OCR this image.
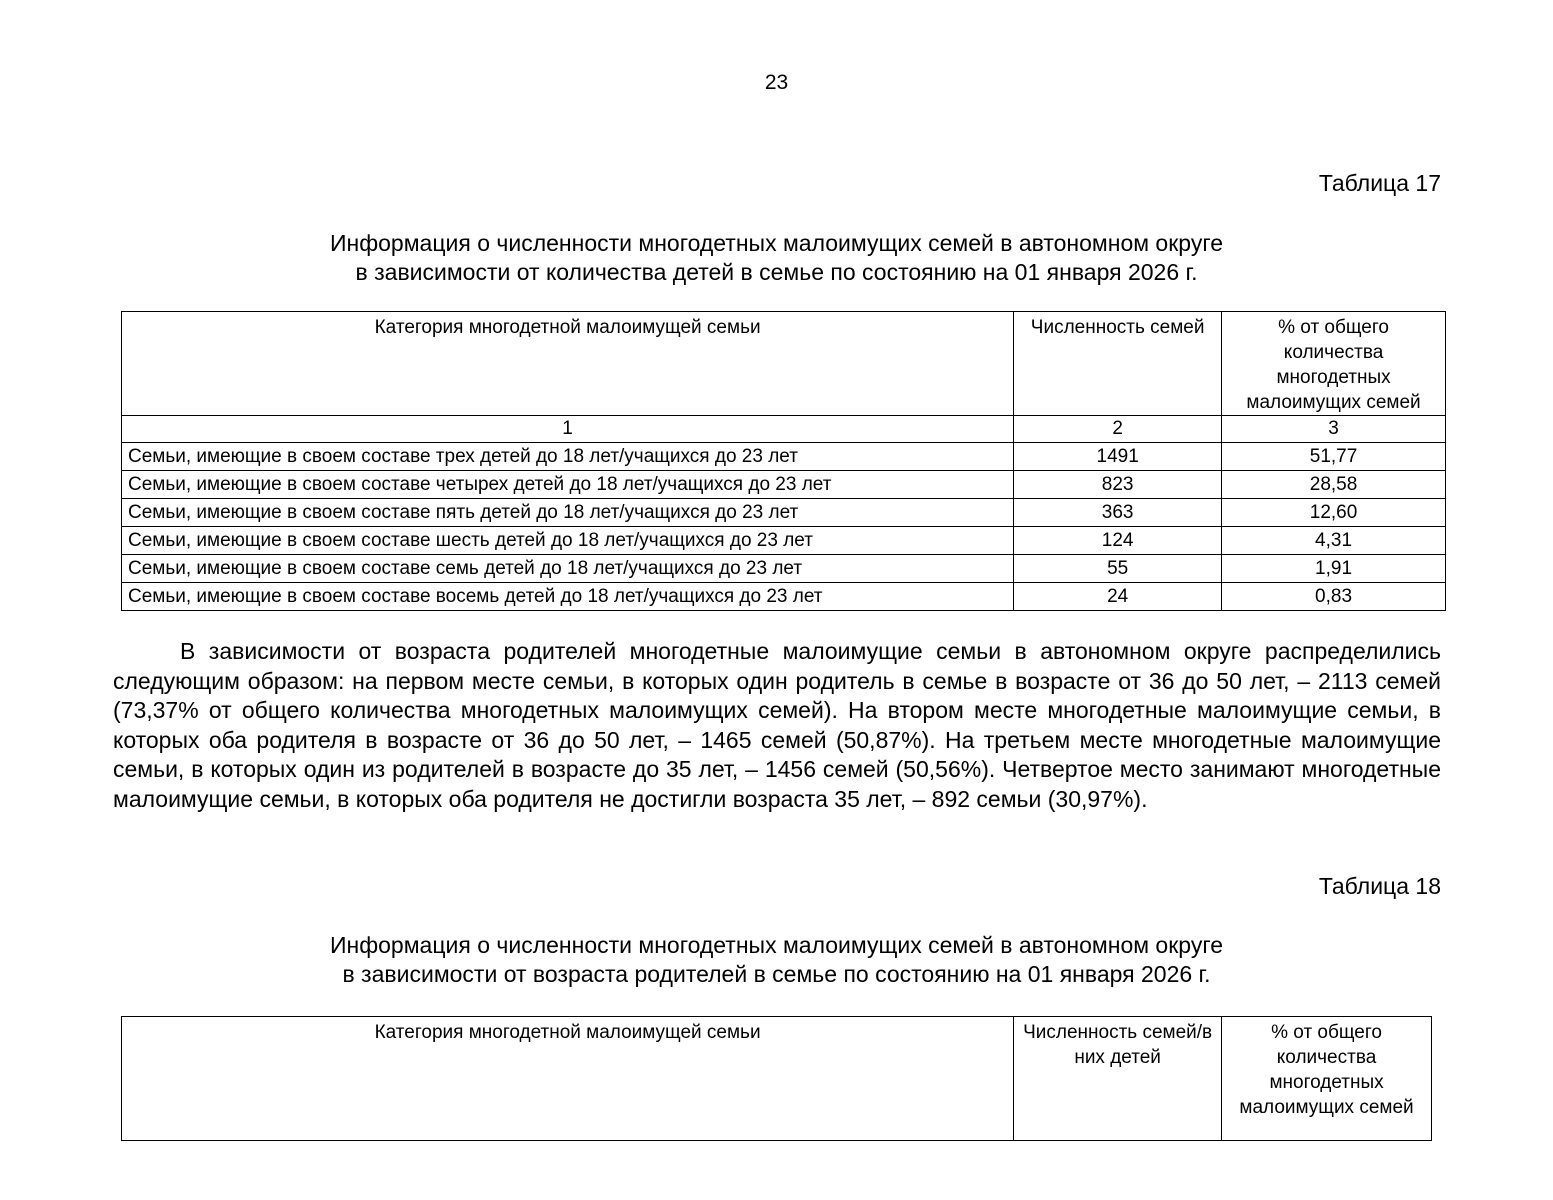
23
Таблица 17
Информация о численности многодетных малоимущих семей в автономном округе
в зависимости от количества детей в семье по состоянию на 01 января 2026 г.
Категория многодетной малоимущей семьи	Численность семей	% от общего количества многодетных малоимущих семей
1	2	3
Семьи, имеющие в своем составе трех детей до 18 лет/учащихся до 23 лет	1491	51,77
Семьи, имеющие в своем составе четырех детей до 18 лет/учащихся до 23 лет	823	28,58
Семьи, имеющие в своем составе пять детей до 18 лет/учащихся до 23 лет	363	12,60
Семьи, имеющие в своем составе шесть детей до 18 лет/учащихся до 23 лет	124	4,31
Семьи, имеющие в своем составе семь детей до 18 лет/учащихся до 23 лет	55	1,91
Семьи, имеющие в своем составе восемь детей до 18 лет/учащихся до 23 лет	24	0,83
В зависимости от возраста родителей многодетные малоимущие семьи в автономном округе распределились следующим образом: на первом месте семьи, в которых один родитель в семье в возрасте от 36 до 50 лет, – 2113 семей (73,37% от общего количества многодетных малоимущих семей). На втором месте многодетные малоимущие семьи, в которых оба родителя в возрасте от 36 до 50 лет, – 1465 семей (50,87%). На третьем месте многодетные малоимущие семьи, в которых один из родителей в возрасте до 35 лет, – 1456 семей (50,56%). Четвертое место занимают многодетные малоимущие семьи, в которых оба родителя не достигли возраста 35 лет, – 892 семьи (30,97%).
Таблица 18
Информация о численности многодетных малоимущих семей в автономном округе
в зависимости от возраста родителей в семье по состоянию на 01 января 2026 г.
Категория многодетной малоимущей семьи	Численность семей/в них детей	% от общего количества многодетных малоимущих семей
